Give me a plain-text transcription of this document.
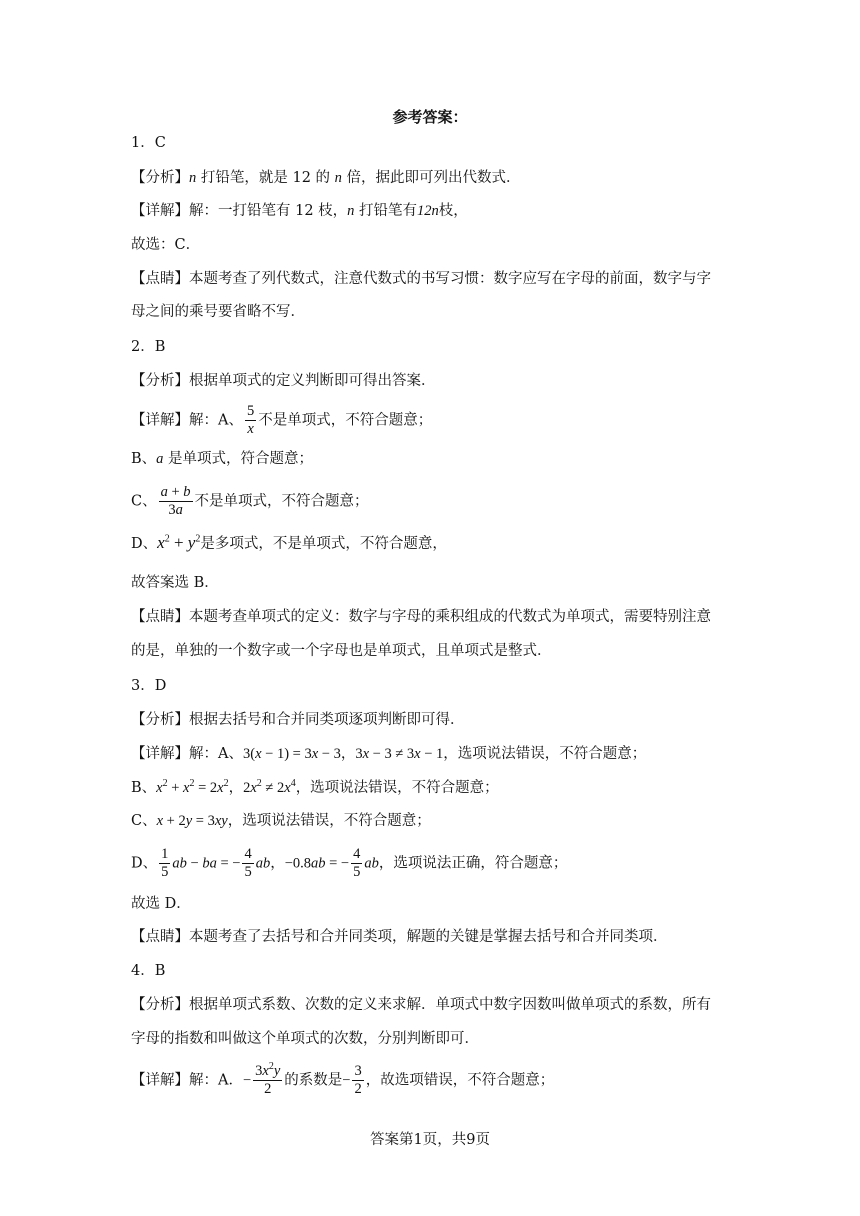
参考答案：
1．C
【分析】n 打铅笔，就是 12 的 n 倍，据此即可列出代数式．
【详解】解：一打铅笔有 12 枝，n 打铅笔有12n枝，
故选：C．
【点睛】本题考查了列代数式，注意代数式的书写习惯：数字应写在字母的前面，数字与字
母之间的乘号要省略不写．
2．B
【分析】根据单项式的定义判断即可得出答案．
【详解】解：A、 $\frac{5}{x}$ 不是单项式，不符合题意；
B、a 是单项式，符合题意；
C、 $\frac{a + b}{3a}$ 不是单项式，不符合题意；
D、$x^2 + y^2$是多项式，不是单项式，不符合题意，
故答案选 B．
【点睛】本题考查单项式的定义：数字与字母的乘积组成的代数式为单项式，需要特别注意
的是，单独的一个数字或一个字母也是单项式，且单项式是整式．
3．D
【分析】根据去括号和合并同类项逐项判断即可得．
【详解】解：A、3(x − 1) = 3x − 3，3x − 3 ≠ 3x − 1，选项说法错误，不符合题意；
B、$x^2 + x^2 = 2x^2$，$2x^2 \ne 2x^4$，选项说法错误，不符合题意；
C、x + 2y = 3xy，选项说法错误，不符合题意；
D、 $\frac{1}{5}$ ab − ba = − $\frac{4}{5}$ ab，−0.8ab = − $\frac{4}{5}$ ab，选项说法正确，符合题意；
故选 D．
【点睛】本题考查了去括号和合并同类项，解题的关键是掌握去括号和合并同类项．
4．B
【分析】根据单项式系数、次数的定义来求解．单项式中数字因数叫做单项式的系数，所有
字母的指数和叫做这个单项式的次数，分别判断即可．
【详解】解：A．− $\frac{3x^2y}{2}$ 的系数是− $\frac{3}{2}$ ，故选项错误，不符合题意；
答案第1页，共9页
